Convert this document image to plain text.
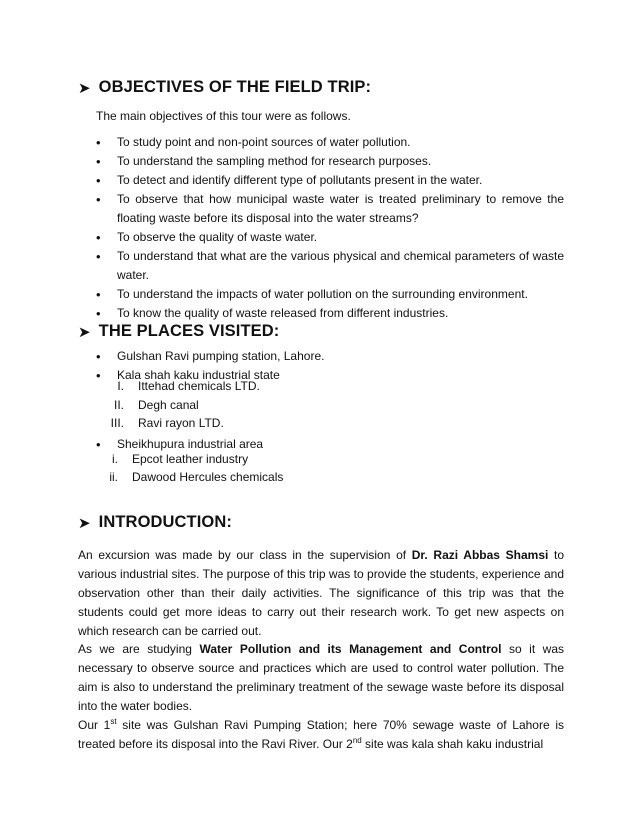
➤ OBJECTIVES OF THE FIELD TRIP:
The main objectives of this tour were as follows.
• To study point and non-point sources of water pollution.
• To understand the sampling method for research purposes.
• To detect and identify different type of pollutants present in the water.
• To observe that how municipal waste water is treated preliminary to remove the floating waste before its disposal into the water streams?
• To observe the quality of waste water.
• To understand that what are the various physical and chemical parameters of waste water.
• To understand the impacts of water pollution on the surrounding environment.
• To know the quality of waste released from different industries.
➤ THE PLACES VISITED:
• Gulshan Ravi pumping station, Lahore.
• Kala shah kaku industrial state
I. Ittehad chemicals LTD.
II. Degh canal
III. Ravi rayon LTD.
• Sheikhupura industrial area
i. Epcot leather industry
ii. Dawood Hercules chemicals
➤ INTRODUCTION:

An excursion was made by our class in the supervision of Dr. Razi Abbas Shamsi to various industrial sites. The purpose of this trip was to provide the students, experience and observation other than their daily activities. The significance of this trip was that the students could get more ideas to carry out their research work. To get new aspects on which research can be carried out.

As we are studying Water Pollution and its Management and Control so it was necessary to observe source and practices which are used to control water pollution. The aim is also to understand the preliminary treatment of the sewage waste before its disposal into the water bodies.

Our 1st site was Gulshan Ravi Pumping Station; here 70% sewage waste of Lahore is treated before its disposal into the Ravi River. Our 2nd site was kala shah kaku industrial
